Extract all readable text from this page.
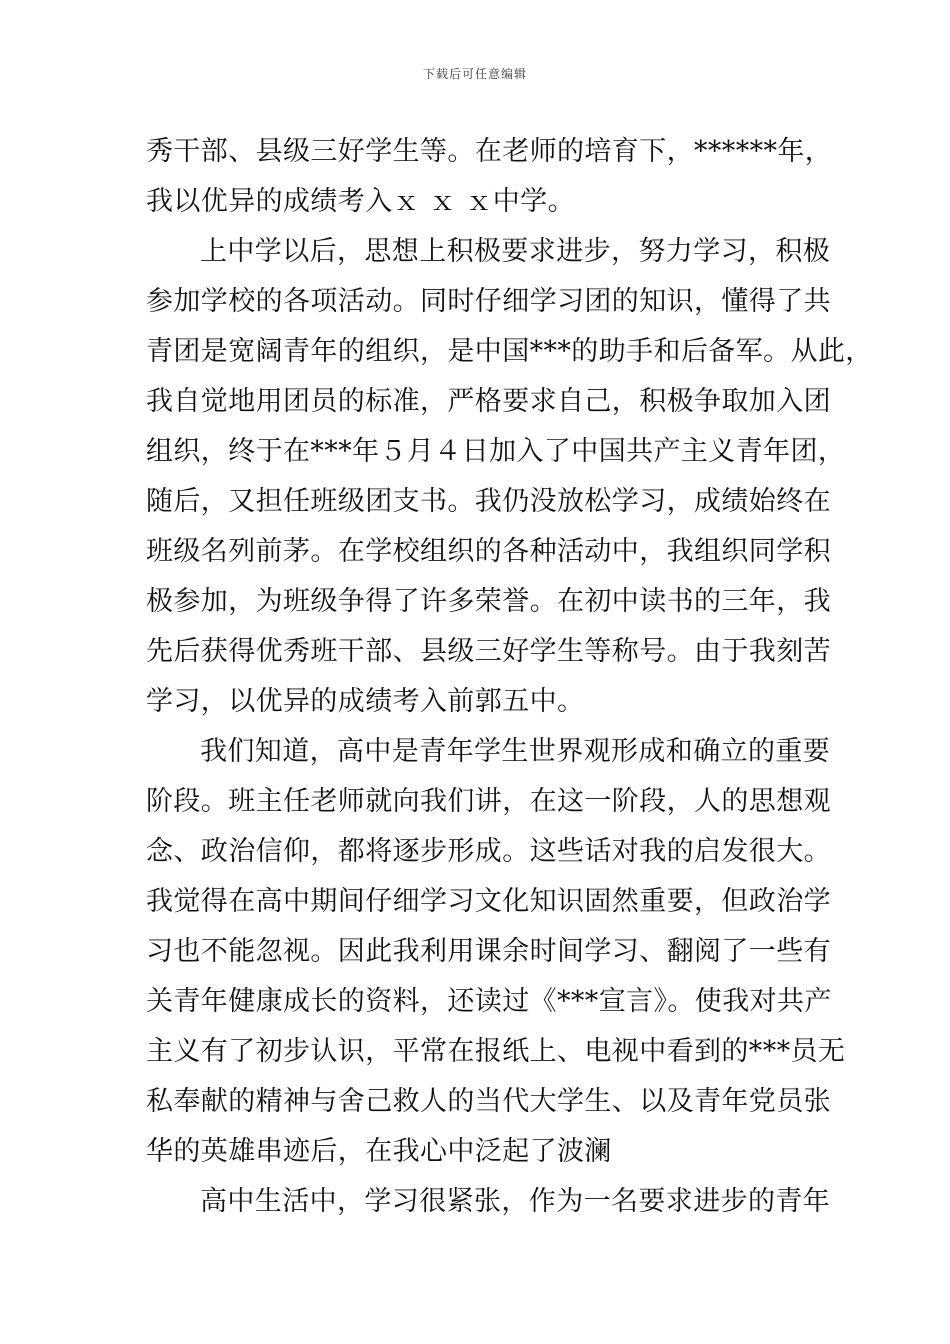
下载后可任意编辑
秀干部、县级三好学生等。在老师的培育下，******年，
我以优异的成绩考入ｘ ｘ ｘ中学。
上中学以后，思想上积极要求进步，努力学习，积极
参加学校的各项活动。同时仔细学习团的知识，懂得了共
青团是宽阔青年的组织，是中国***的助手和后备军。从此，
我自觉地用团员的标准，严格要求自己，积极争取加入团
组织，终于在***年５月４日加入了中国共产主义青年团，
随后，又担任班级团支书。我仍没放松学习，成绩始终在
班级名列前茅。在学校组织的各种活动中，我组织同学积
极参加，为班级争得了许多荣誉。在初中读书的三年，我
先后获得优秀班干部、县级三好学生等称号。由于我刻苦
学习，以优异的成绩考入前郭五中。
我们知道，高中是青年学生世界观形成和确立的重要
阶段。班主任老师就向我们讲，在这一阶段，人的思想观
念、政治信仰，都将逐步形成。这些话对我的启发很大。
我觉得在高中期间仔细学习文化知识固然重要，但政治学
习也不能忽视。因此我利用课余时间学习、翻阅了一些有
关青年健康成长的资料，还读过《***宣言》。使我对共产
主义有了初步认识，平常在报纸上、电视中看到的***员无
私奉献的精神与舍己救人的当代大学生、以及青年党员张
华的英雄串迹后，在我心中泛起了波澜
高中生活中，学习很紧张，作为一名要求进步的青年
